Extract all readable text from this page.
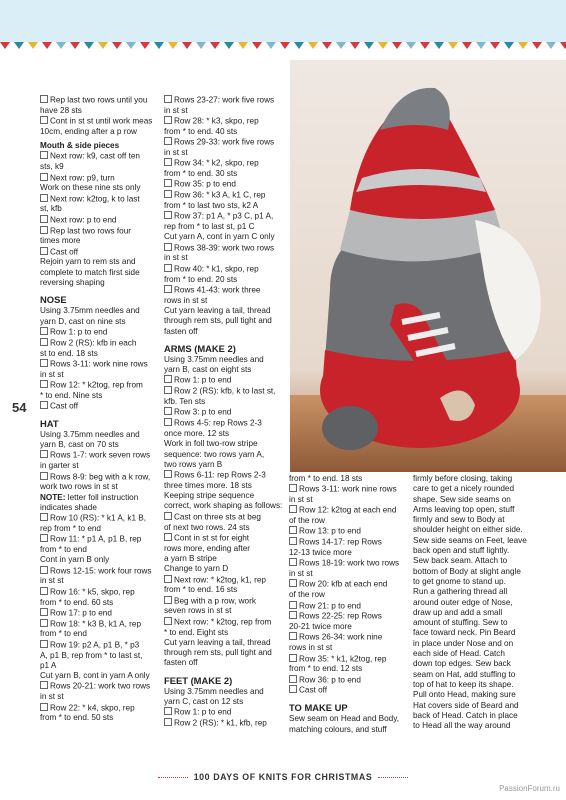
Rep last two rows until you
have 28 sts
Cont in st st until work meas
10cm, ending after a p row
Mouth & side pieces
Next row: k9, cast off ten
sts, k9
Next row: p9, turn
Work on these nine sts only
Next row: k2tog, k to last
st, kfb
Next row: p to end
Rep last two rows four
times more
Cast off
Rejoin yarn to rem sts and
complete to match first side
reversing shaping
NOSE
Using 3.75mm needles and
yarn D, cast on nine sts
Row 1: p to end
Row 2 (RS): kfb in each
st to end. 18 sts
Rows 3-11: work nine rows
in st st
Row 12: * k2tog, rep from
* to end. Nine sts
Cast off
HAT
Using 3.75mm needles and
yarn B, cast on 70 sts
Rows 1-7: work seven rows
in garter st
Rows 8-9: beg with a k row,
work two rows in st st
NOTE: letter foll instruction
indicates shade
Row 10 (RS): * k1 A, k1 B,
rep from * to end
Row 11: * p1 A, p1 B, rep
from * to end
Cont in yarn B only
Rows 12-15: work four rows
in st st
Row 16: * k5, skpo, rep
from * to end. 60 sts
Row 17: p to end
Row 18: * k3 B, k1 A, rep
from * to end
Row 19: p2 A, p1 B, * p3
A, p1 B, rep from * to last st,
p1 A
Cut yarn B, cont in yarn A only
Rows 20-21: work two rows
in st st
Row 22: * k4, skpo, rep
from * to end. 50 sts
Rows 23-27: work five rows
in st st
Row 28: * k3, skpo, rep
from * to end. 40 sts
Rows 29-33: work five rows
in st st
Row 34: * k2, skpo, rep
from * to end. 30 sts
Row 35: p to end
Row 36: * k3 A, k1 C, rep
from * to last two sts, k2 A
Row 37: p1 A, * p3 C, p1 A,
rep from * to last st, p1 C
Cut yarn A, cont in yarn C only
Rows 38-39: work two rows
in st st
Row 40: * k1, skpo, rep
from * to end. 20 sts
Rows 41-43: work three
rows in st st
Cut yarn leaving a tail, thread
through rem sts, pull tight and
fasten off
ARMS (MAKE 2)
Using 3.75mm needles and
yarn B, cast on eight sts
Row 1: p to end
Row 2 (RS): kfb, k to last st,
kfb. Ten sts
Row 3: p to end
Rows 4-5: rep Rows 2-3
once more. 12 sts
Work in foll two-row stripe
sequence: two rows yarn A,
two rows yarn B
Rows 6-11: rep Rows 2-3
three times more. 18 sts
Keeping stripe sequence
correct, work shaping as follows:
Cast on three sts at beg
of next two rows. 24 sts
Cont in st st for eight
rows more, ending after
a yarn B stripe
Change to yarn D
Next row: * k2tog, k1, rep
from * to end. 16 sts
Beg with a p row, work
seven rows in st st
Next row: * k2tog, rep from
* to end. Eight sts
Cut yarn leaving a tail, thread
through rem sts, pull tight and
fasten off
FEET (MAKE 2)
Using 3.75mm needles and
yarn C, cast on 12 sts
Row 1: p to end
Row 2 (RS): * k1, kfb, rep
from * to end. 18 sts
Rows 3-11: work nine rows
in st st
Row 12: k2tog at each end
of the row
Row 13: p to end
Rows 14-17: rep Rows
12-13 twice more
Rows 18-19: work two rows
in st st
Row 20: kfb at each end
of the row
Row 21: p to end
Rows 22-25: rep Rows
20-21 twice more
Rows 26-34: work nine
rows in st st
Row 35: * k1, k2tog, rep
from * to end. 12 sts
Row 36: p to end
Cast off
TO MAKE UP
Sew seam on Head and Body,
matching colours, and stuff
firmly before closing, taking
care to get a nicely rounded
shape. Sew side seams on
Arms leaving top open, stuff
firmly and sew to Body at
shoulder height on either side.
Sew side seams on Feet, leave
back open and stuff lightly.
Sew back seam. Attach to
bottom of Body at slight angle
to get gnome to stand up.
Run a gathering thread all
around outer edge of Nose,
draw up and add a small
amount of stuffing. Sew to
face toward neck. Pin Beard
in place under Nose and on
each side of Head. Catch
down top edges. Sew back
seam on Hat, add stuffing to
top of hat to keep its shape.
Pull onto Head, making sure
Hat covers side of Beard and
back of Head. Catch in place
to Head all the way around
54
100 DAYS OF KNITS FOR CHRISTMAS
PassionForum.ru
